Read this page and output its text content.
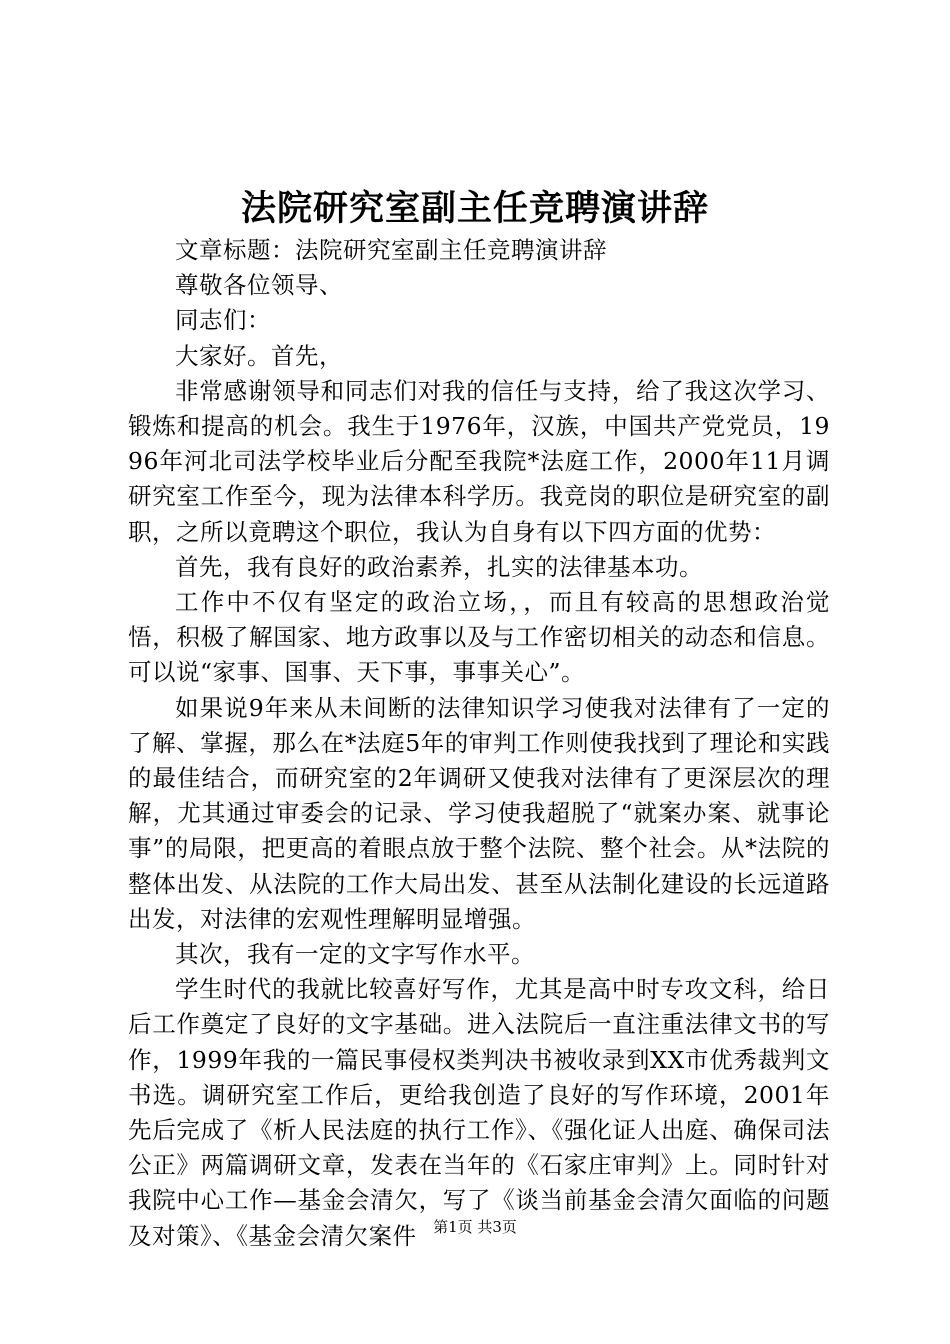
法院研究室副主任竞聘演讲辞

文章标题：法院研究室副主任竞聘演讲辞

尊敬各位领导、

同志们：

大家好。首先，

非常感谢领导和同志们对我的信任与支持，给了我这次学习、锻炼和提高的机会。我生于1976年，汉族，中国共产党党员，1996年河北司法学校毕业后分配至我院*法庭工作，2000年11月调研究室工作至今，现为法律本科学历。我竞岗的职位是研究室的副职，之所以竟聘这个职位，我认为自身有以下四方面的优势：

首先，我有良好的政治素养，扎实的法律基本功。

工作中不仅有坚定的政治立场，，而且有较高的思想政治觉悟，积极了解国家、地方政事以及与工作密切相关的动态和信息。可以说“家事、国事、天下事，事事关心”。

如果说9年来从未间断的法律知识学习使我对法律有了一定的了解、掌握，那么在*法庭5年的审判工作则使我找到了理论和实践的最佳结合，而研究室的2年调研又使我对法律有了更深层次的理解，尤其通过审委会的记录、学习使我超脱了“就案办案、就事论事”的局限，把更高的着眼点放于整个法院、整个社会。从*法院的整体出发、从法院的工作大局出发、甚至从法制化建设的长远道路出发，对法律的宏观性理解明显增强。

其次，我有一定的文字写作水平。

学生时代的我就比较喜好写作，尤其是高中时专攻文科，给日后工作奠定了良好的文字基础。进入法院后一直注重法律文书的写作，1999年我的一篇民事侵权类判决书被收录到XX市优秀裁判文书选。调研究室工作后，更给我创造了良好的写作环境，2001年先后完成了《析人民法庭的执行工作》、《强化证人出庭、确保司法公正》两篇调研文章，发表在当年的《石家庄审判》上。同时针对我院中心工作—基金会清欠，写了《谈当前基金会清欠面临的问题及对策》、《基金会清欠案件	第1页 共3页
